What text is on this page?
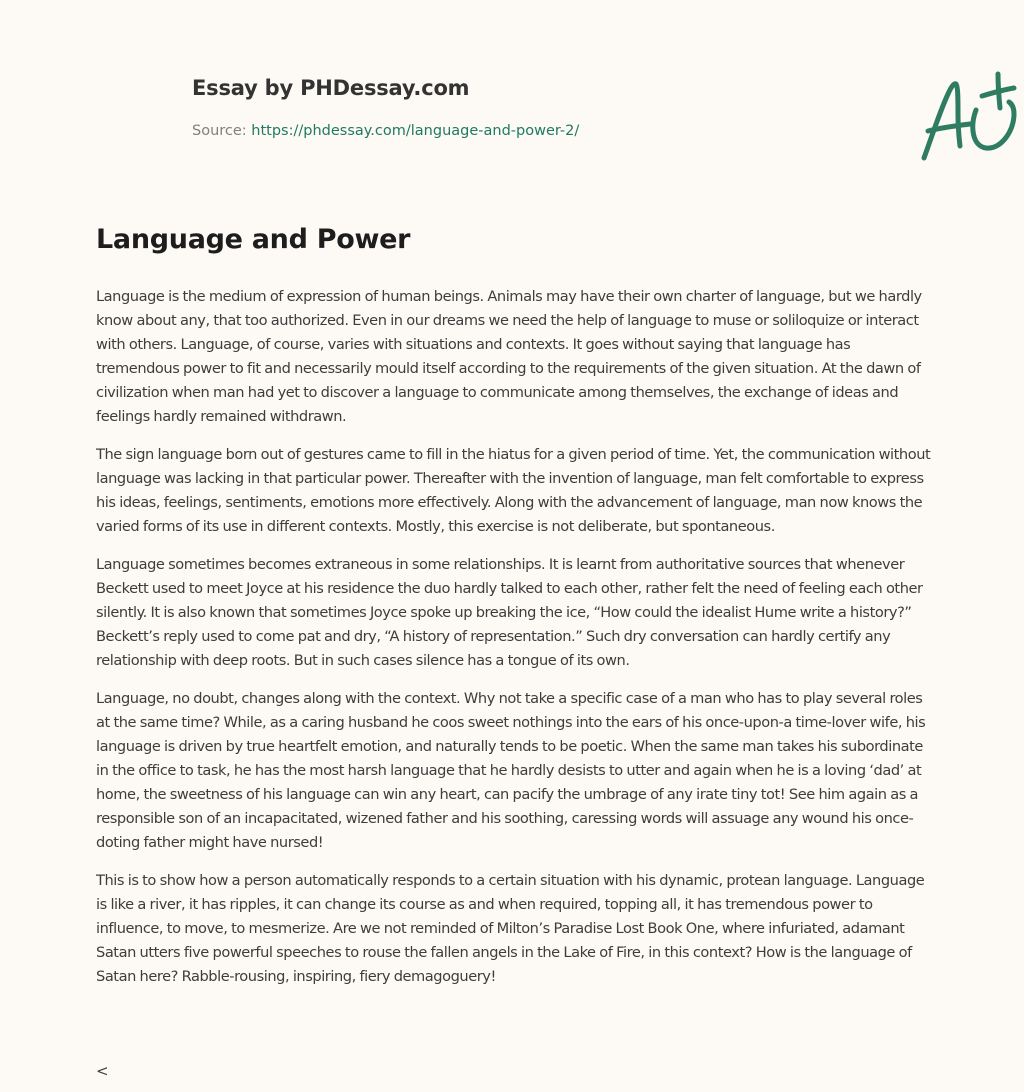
Essay by PHDessay.com

Source: https://phdessay.com/language-and-power-2/

Language and Power

Language is the medium of expression of human beings. Animals may have their own charter of language, but we hardly know about any, that too authorized. Even in our dreams we need the help of language to muse or soliloquize or interact with others. Language, of course, varies with situations and contexts. It goes without saying that language has tremendous power to fit and necessarily mould itself according to the requirements of the given situation. At the dawn of civilization when man had yet to discover a language to communicate among themselves, the exchange of ideas and feelings hardly remained withdrawn.

The sign language born out of gestures came to fill in the hiatus for a given period of time. Yet, the communication without language was lacking in that particular power. Thereafter with the invention of language, man felt comfortable to express his ideas, feelings, sentiments, emotions more effectively. Along with the advancement of language, man now knows the varied forms of its use in different contexts. Mostly, this exercise is not deliberate, but spontaneous.

Language sometimes becomes extraneous in some relationships. It is learnt from authoritative sources that whenever Beckett used to meet Joyce at his residence the duo hardly talked to each other, rather felt the need of feeling each other silently. It is also known that sometimes Joyce spoke up breaking the ice, “How could the idealist Hume write a history?” Beckett’s reply used to come pat and dry, “A history of representation.” Such dry conversation can hardly certify any relationship with deep roots. But in such cases silence has a tongue of its own.

Language, no doubt, changes along with the context. Why not take a specific case of a man who has to play several roles at the same time? While, as a caring husband he coos sweet nothings into the ears of his once-upon-a time-lover wife, his language is driven by true heartfelt emotion, and naturally tends to be poetic. When the same man takes his subordinate in the office to task, he has the most harsh language that he hardly desists to utter and again when he is a loving ‘dad’ at home, the sweetness of his language can win any heart, can pacify the umbrage of any irate tiny tot! See him again as a responsible son of an incapacitated, wizened father and his soothing, caressing words will assuage any wound his once-doting father might have nursed!

This is to show how a person automatically responds to a certain situation with his dynamic, protean language. Language is like a river, it has ripples, it can change its course as and when required, topping all, it has tremendous power to influence, to move, to mesmerize. Are we not reminded of Milton’s Paradise Lost Book One, where infuriated, adamant Satan utters five powerful speeches to rouse the fallen angels in the Lake of Fire, in this context? How is the language of Satan here? Rabble-rousing, inspiring, fiery demagoguery!

<
